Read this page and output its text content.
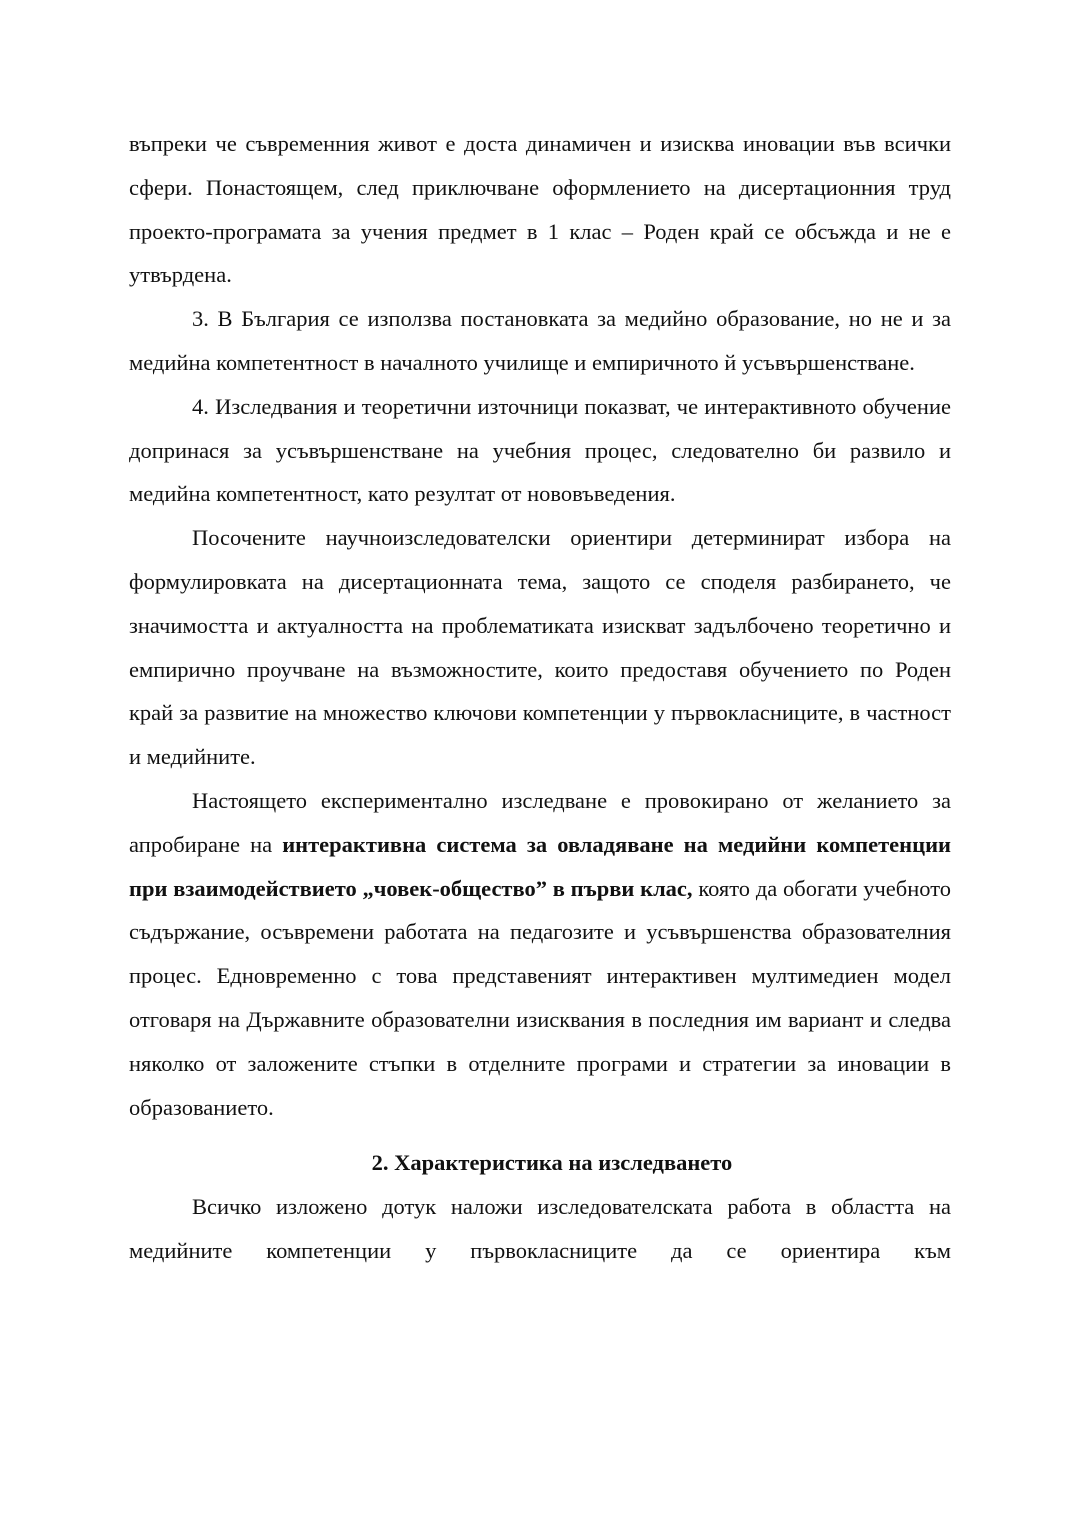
въпреки че съвременния живот е доста динамичен и изисква иновации във всички сфери. Понастоящем, след приключване оформлението на дисертационния труд проекто-програмата за учения предмет в 1 клас – Роден край се обсъжда и не е утвърдена.

3. В България се използва постановката за медийно образование, но не и за медийна компетентност в началното училище и емпиричното й усъвършенстване.

4. Изследвания и теоретични източници показват, че интерактивното обучение допринася за усъвършенстване на учебния процес, следователно би развило и медийна компетентност, като резултат от нововъведения.

Посочените научноизследователски ориентири детерминират избора на формулировката на дисертационната тема, защото се споделя разбирането, че значимостта и актуалността на проблематиката изискват задълбочено теоретично и емпирично проучване на възможностите, които предоставя обучението по Роден край за развитие на множество ключови компетенции у първокласниците, в частност и медийните.

Настоящето експериментално изследване е провокирано от желанието за апробиране на интерактивна система за овладяване на медийни компетенции при взаимодействието „човек-общество” в първи клас, която да обогати учебното съдържание, осъвремени работата на педагозите и усъвършенства образователния процес. Едновременно с това представеният интерактивен мултимедиен модел отговаря на Държавните образователни изисквания в последния им вариант и следва няколко от заложените стъпки в отделните програми и стратегии за иновации в образованието.

2. Характеристика на изследването

Всичко изложено дотук наложи изследователската работа в областта на медийните компетенции у първокласниците да се ориентира към
